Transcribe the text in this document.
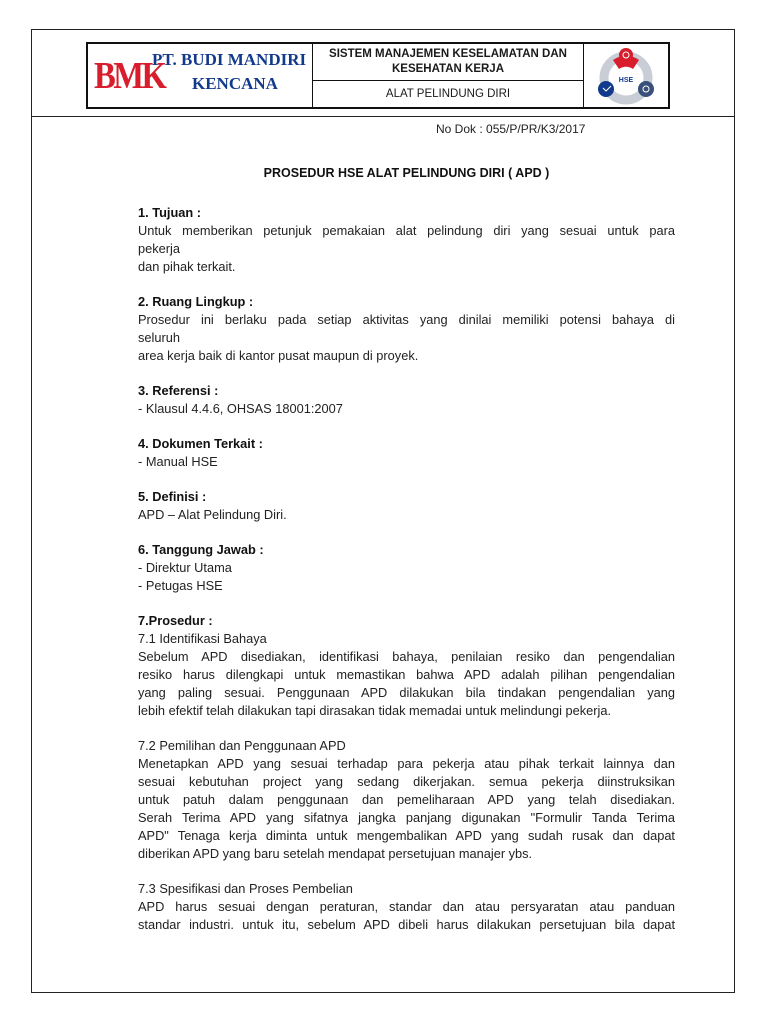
BMK
PT. BUDI MANDIRI
KENCANA
SISTEM MANAJEMEN KESELAMATAN DAN
KESEHATAN KERJA
ALAT PELINDUNG DIRI
HSE
No Dok : 055/P/PR/K3/2017
PROSEDUR HSE ALAT PELINDUNG DIRI ( APD )
1. Tujuan :
Untuk memberikan petunjuk pemakaian alat pelindung diri yang sesuai untuk para
pekerja
dan pihak terkait.
2. Ruang Lingkup :
Prosedur ini berlaku pada setiap aktivitas yang dinilai memiliki potensi bahaya di
seluruh
area kerja baik di kantor pusat maupun di proyek.
3. Referensi :
- Klausul 4.4.6, OHSAS 18001:2007
4. Dokumen Terkait :
- Manual HSE
5. Definisi :
APD – Alat Pelindung Diri.
6. Tanggung Jawab :
- Direktur Utama
- Petugas HSE
7.Prosedur :
7.1 Identifikasi Bahaya
Sebelum APD disediakan, identifikasi bahaya, penilaian resiko dan pengendalian
resiko harus dilengkapi untuk memastikan bahwa APD adalah pilihan pengendalian
yang paling sesuai. Penggunaan APD dilakukan bila tindakan pengendalian yang
lebih efektif telah dilakukan tapi dirasakan tidak memadai untuk melindungi pekerja.
7.2 Pemilihan dan Penggunaan APD
Menetapkan APD yang sesuai terhadap para pekerja atau pihak terkait lainnya dan
sesuai kebutuhan project yang sedang dikerjakan. semua pekerja diinstruksikan
untuk patuh dalam penggunaan dan pemeliharaan APD yang telah disediakan.
Serah Terima APD yang sifatnya jangka panjang digunakan "Formulir Tanda Terima
APD" Tenaga kerja diminta untuk mengembalikan APD yang sudah rusak dan dapat
diberikan APD yang baru setelah mendapat persetujuan manajer ybs.
7.3 Spesifikasi dan Proses Pembelian
APD harus sesuai dengan peraturan, standar dan atau persyaratan atau panduan
standar industri. untuk itu, sebelum APD dibeli harus dilakukan persetujuan bila dapat
